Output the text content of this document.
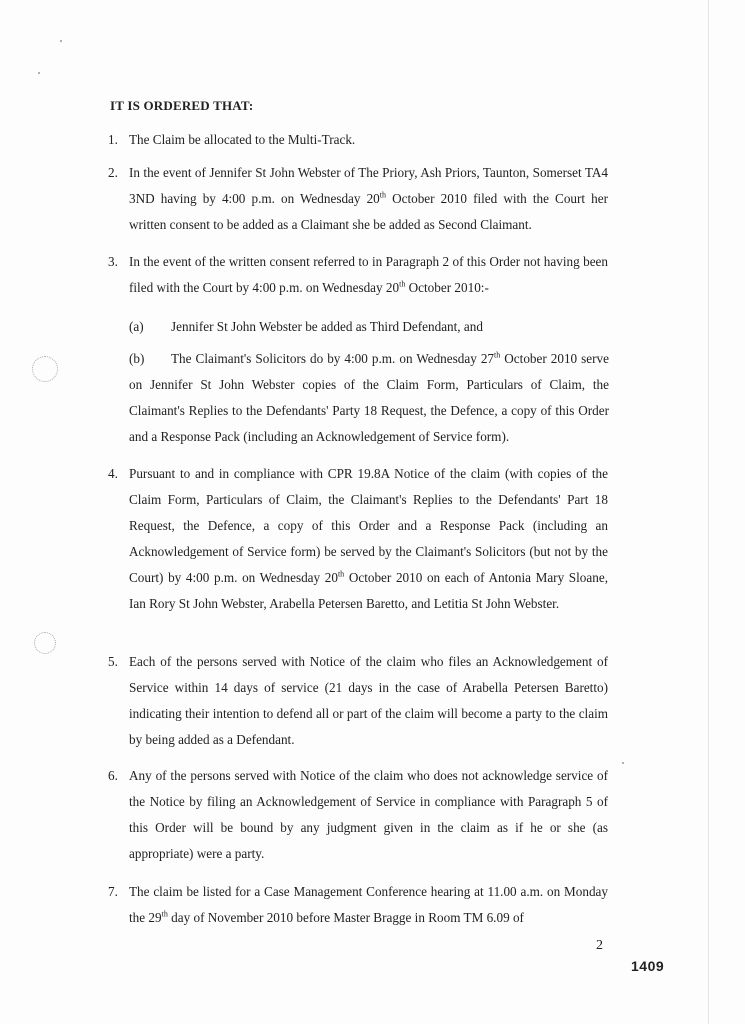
IT IS ORDERED THAT:
1. The Claim be allocated to the Multi-Track.
2. In the event of Jennifer St John Webster of The Priory, Ash Priors, Taunton, Somerset TA4 3ND having by 4:00 p.m. on Wednesday 20th October 2010 filed with the Court her written consent to be added as a Claimant she be added as Second Claimant.
3. In the event of the written consent referred to in Paragraph 2 of this Order not having been filed with the Court by 4:00 p.m. on Wednesday 20th October 2010:-
(a) Jennifer St John Webster be added as Third Defendant, and
(b) The Claimant's Solicitors do by 4:00 p.m. on Wednesday 27th October 2010 serve on Jennifer St John Webster copies of the Claim Form, Particulars of Claim, the Claimant's Replies to the Defendants' Party 18 Request, the Defence, a copy of this Order and a Response Pack (including an Acknowledgement of Service form).
4. Pursuant to and in compliance with CPR 19.8A Notice of the claim (with copies of the Claim Form, Particulars of Claim, the Claimant's Replies to the Defendants' Part 18 Request, the Defence, a copy of this Order and a Response Pack (including an Acknowledgement of Service form) be served by the Claimant's Solicitors (but not by the Court) by 4:00 p.m. on Wednesday 20th October 2010 on each of Antonia Mary Sloane, Ian Rory St John Webster, Arabella Petersen Baretto, and Letitia St John Webster.
5. Each of the persons served with Notice of the claim who files an Acknowledgement of Service within 14 days of service (21 days in the case of Arabella Petersen Baretto) indicating their intention to defend all or part of the claim will become a party to the claim by being added as a Defendant.
6. Any of the persons served with Notice of the claim who does not acknowledge service of the Notice by filing an Acknowledgement of Service in compliance with Paragraph 5 of this Order will be bound by any judgment given in the claim as if he or she (as appropriate) were a party.
7. The claim be listed for a Case Management Conference hearing at 11.00 a.m. on Monday the 29th day of November 2010 before Master Bragge in Room TM 6.09 of
2
1409
